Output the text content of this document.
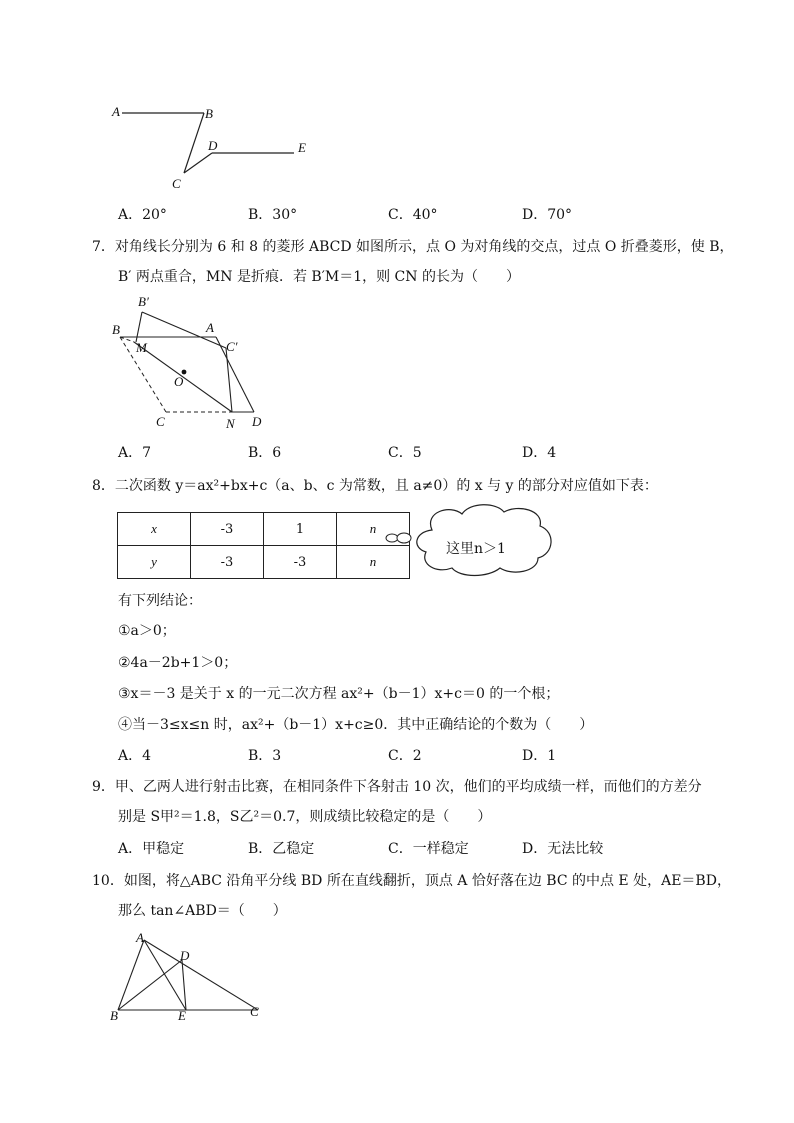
A	B
D	E
C
A．20°	B．30°	C．40°	D．70°
7．对角线长分别为 6 和 8 的菱形 ABCD 如图所示，点 O 为对角线的交点，过点 O 折叠菱形，使 B，
B′ 两点重合，MN 是折痕．若 B′M＝1，则 CN 的长为（　　）
B′
B	A
M	C′
O
C	N D
A．7	B．6	C．5	D．4
8．二次函数 y＝ax²+bx+c（a、b、c 为常数，且 a≠0）的 x 与 y 的部分对应值如下表：
x	-3	1	n
y	-3	-3	n
这里n＞1
有下列结论：
①a＞0；
②4a－2b+1＞0；
③x＝－3 是关于 x 的一元二次方程 ax²+（b－1）x+c＝0 的一个根；
④当－3≤x≤n 时，ax²+（b－1）x+c≥0．其中正确结论的个数为（　　）
A．4	B．3	C．2	D．1
9．甲、乙两人进行射击比赛，在相同条件下各射击 10 次，他们的平均成绩一样，而他们的方差分
别是 S甲²＝1.8，S乙²＝0.7，则成绩比较稳定的是（　　）
A．甲稳定	B．乙稳定	C．一样稳定	D．无法比较
10．如图，将△ABC 沿角平分线 BD 所在直线翻折，顶点 A 恰好落在边 BC 的中点 E 处，AE＝BD，
那么 tan∠ABD＝（　　）
A
D
B	E	C
